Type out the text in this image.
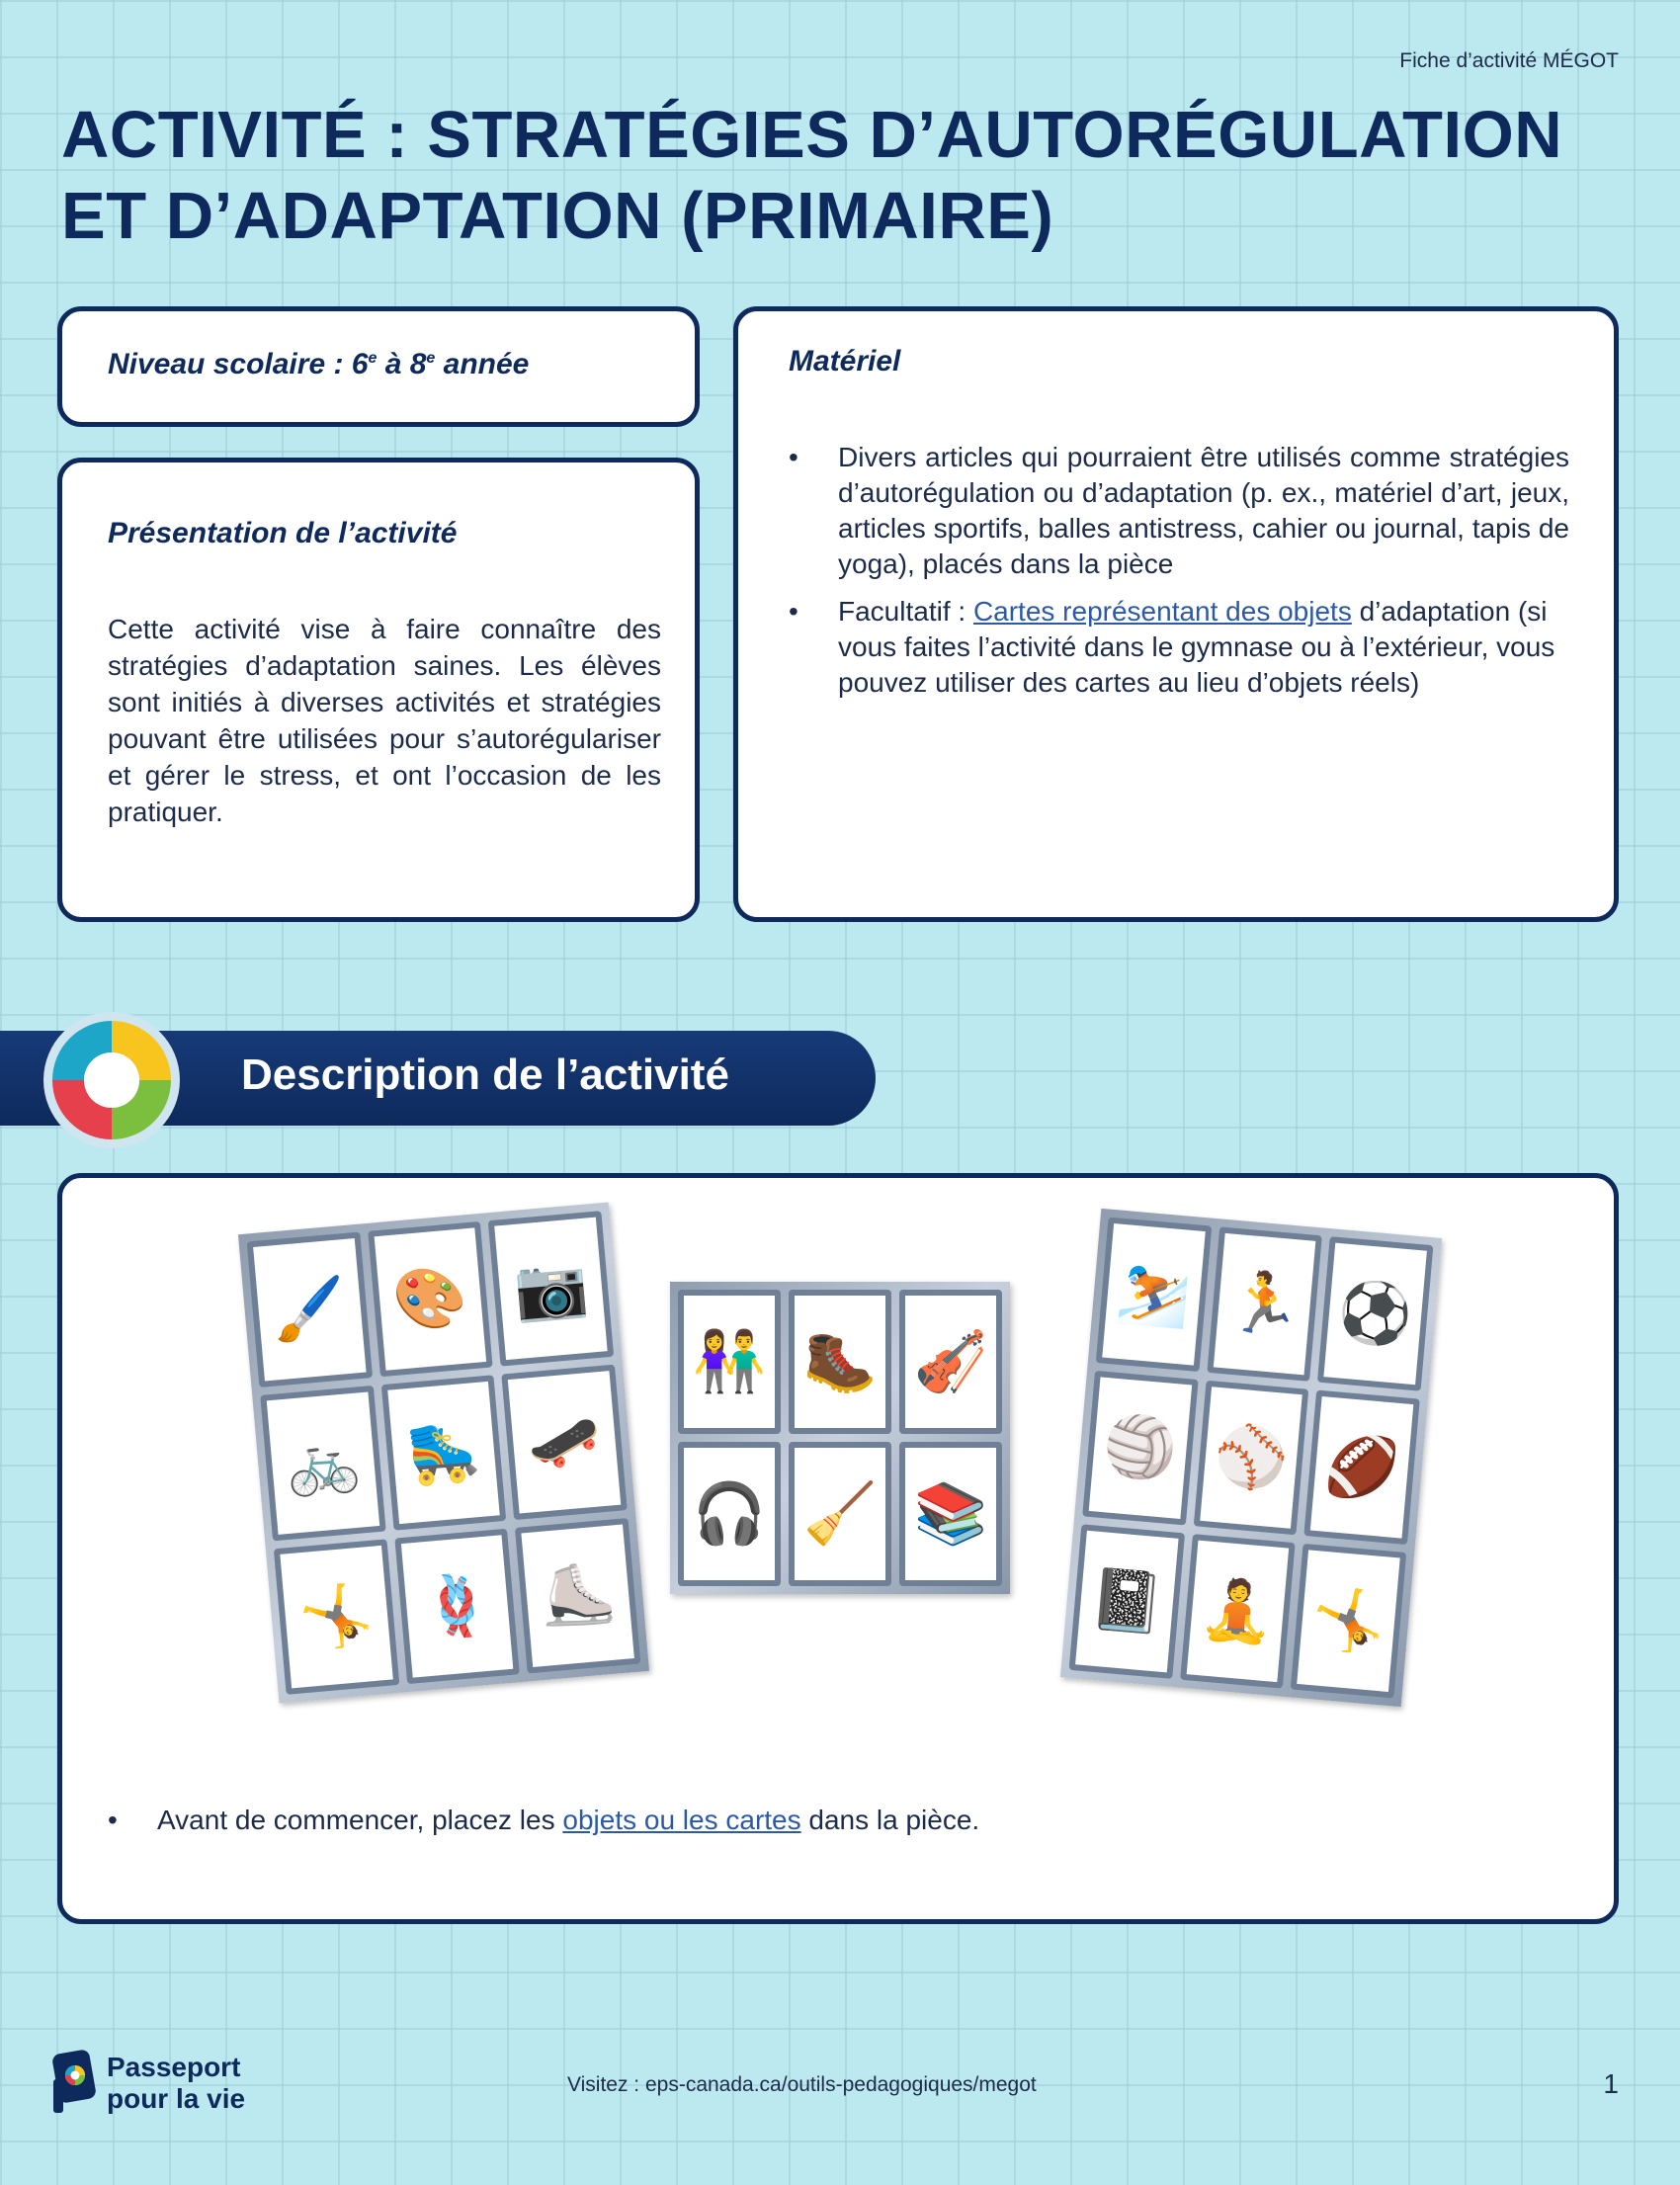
Fiche d’activité MÉGOT
ACTIVITÉ : STRATÉGIES D’AUTORÉGULATION ET D’ADAPTATION (PRIMAIRE)
Niveau scolaire : 6e à 8e année
Présentation de l’activité
Cette activité vise à faire connaître des stratégies d’adaptation saines. Les élèves sont initiés à diverses activités et stratégies pouvant être utilisées pour s’autorégulariser et gérer le stress, et ont l’occasion de les pratiquer.
Matériel
• Divers articles qui pourraient être utilisés comme stratégies d’autorégulation ou d’adaptation (p. ex., matériel d’art, jeux, articles sportifs, balles antistress, cahier ou journal, tapis de yoga), placés dans la pièce
• Facultatif : Cartes représentant des objets d’adaptation (si vous faites l’activité dans le gymnase ou à l’extérieur, vous pouvez utiliser des cartes au lieu d’objets réels)
Description de l’activité
🖌️ 🎨 📷
🚲 🛼 🛹
🤸 🪢 ⛸️
👫 🥾 🎻
🎧 🧹 📚
⛷️ 🏃 ⚽
🏐 ⚾ 🏈
📓 🧘 🤸
• Avant de commencer, placez les objets ou les cartes dans la pièce.
Passeport
pour la vie	Visitez : eps-canada.ca/outils-pedagogiques/megot	1
